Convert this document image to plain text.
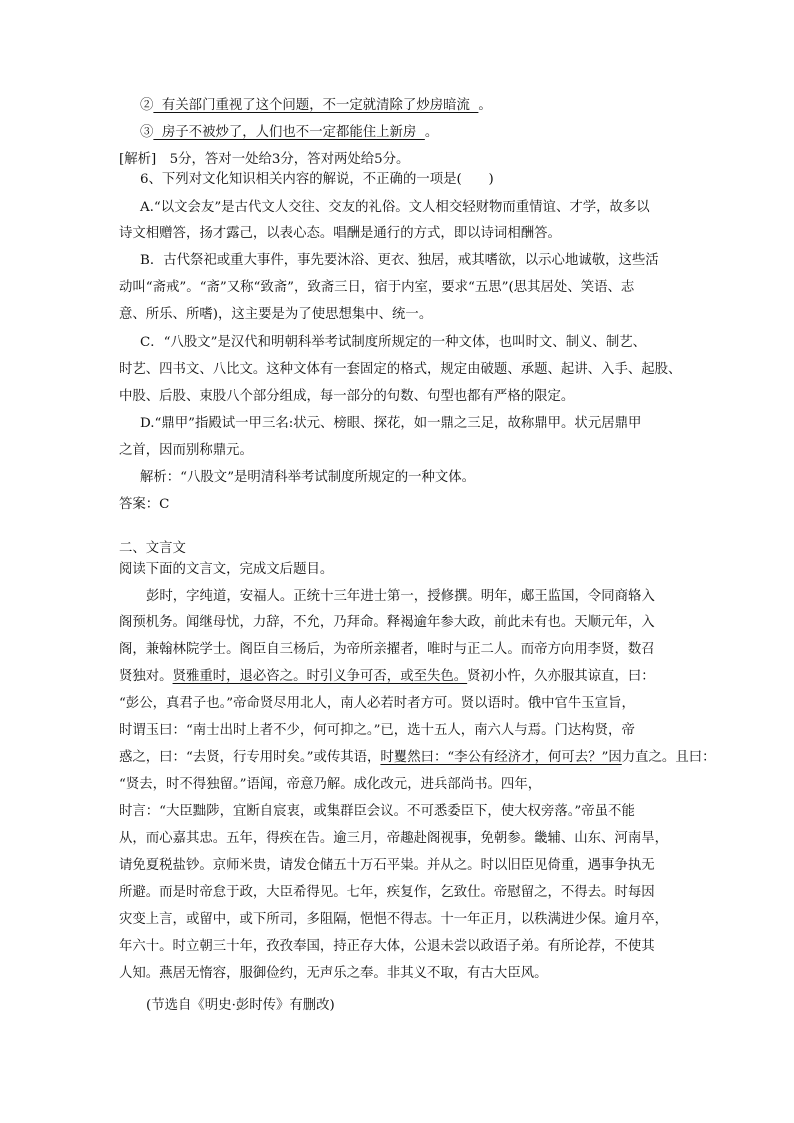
②  有关部门重视了这个问题，不一定就清除了炒房暗流  。
③  房子不被炒了，人们也不一定都能住上新房  。
[解析]　5分，答对一处给3分，答对两处给5分。
6、下列对文化知识相关内容的解说，不正确的一项是(　　)
A.“以文会友”是古代文人交往、交友的礼俗。文人相交轻财物而重情谊、才学，故多以
诗文相赠答，扬才露己，以表心态。唱酬是通行的方式，即以诗词相酬答。
B．古代祭祀或重大事件，事先要沐浴、更衣、独居，戒其嗜欲，以示心地诚敬，这些活
动叫“斋戒”。“斋”又称“致斋”，致斋三日，宿于内室，要求“五思”(思其居处、笑语、志
意、所乐、所嗜)，这主要是为了使思想集中、统一。
C．“八股文”是汉代和明朝科举考试制度所规定的一种文体，也叫时文、制义、制艺、
时艺、四书文、八比文。这种文体有一套固定的格式，规定由破题、承题、起讲、入手、起股、
中股、后股、束股八个部分组成，每一部分的句数、句型也都有严格的限定。
D.“鼎甲”指殿试一甲三名:状元、榜眼、探花，如一鼎之三足，故称鼎甲。状元居鼎甲
之首，因而别称鼎元。
解析：“八股文”是明清科举考试制度所规定的一种文体。
答案：C
二、文言文
阅读下面的文言文，完成文后题目。
彭时，字纯道，安福人。正统十三年进士第一，授修撰。明年，郕王监国，令同商辂入
阁预机务。闻继母忧，力辞，不允，乃拜命。释褐逾年参大政，前此未有也。天顺元年，入
阁，兼翰林院学士。阁臣自三杨后，为帝所亲擢者，唯时与正二人。而帝方向用李贤，数召
贤独对。贤雅重时，退必咨之。时引义争可否，或至失色。贤初小忤，久亦服其谅直，曰：
“彭公，真君子也。”帝命贤尽用北人，南人必若时者方可。贤以语时。俄中官牛玉宣旨，
时谓玉曰：“南士出时上者不少，何可抑之。”已，选十五人，南六人与焉。门达构贤，帝
惑之，曰：“去贤，行专用时矣。”或传其语，时矍然曰：“李公有经济才，何可去？”因力直之。且曰：
“贤去，时不得独留。”语闻，帝意乃解。成化改元，进兵部尚书。四年，
时言：“大臣黜陟，宜断自宸衷，或集群臣会议。不可悉委臣下，使大权旁落。”帝虽不能
从，而心嘉其忠。五年，得疾在告。逾三月，帝趣赴阁视事，免朝参。畿辅、山东、河南旱，
请免夏税盐钞。京师米贵，请发仓储五十万石平粜。并从之。时以旧臣见倚重，遇事争执无
所避。而是时帝怠于政，大臣希得见。七年，疾复作，乞致仕。帝慰留之，不得去。时每因
灾变上言，或留中，或下所司，多阻隔，悒悒不得志。十一年正月，以秩满进少保。逾月卒，
年六十。时立朝三十年，孜孜奉国，持正存大体，公退未尝以政语子弟。有所论荐，不使其
人知。燕居无惰容，服御俭约，无声乐之奉。非其义不取，有古大臣风。
(节选自《明史·彭时传》有删改)
